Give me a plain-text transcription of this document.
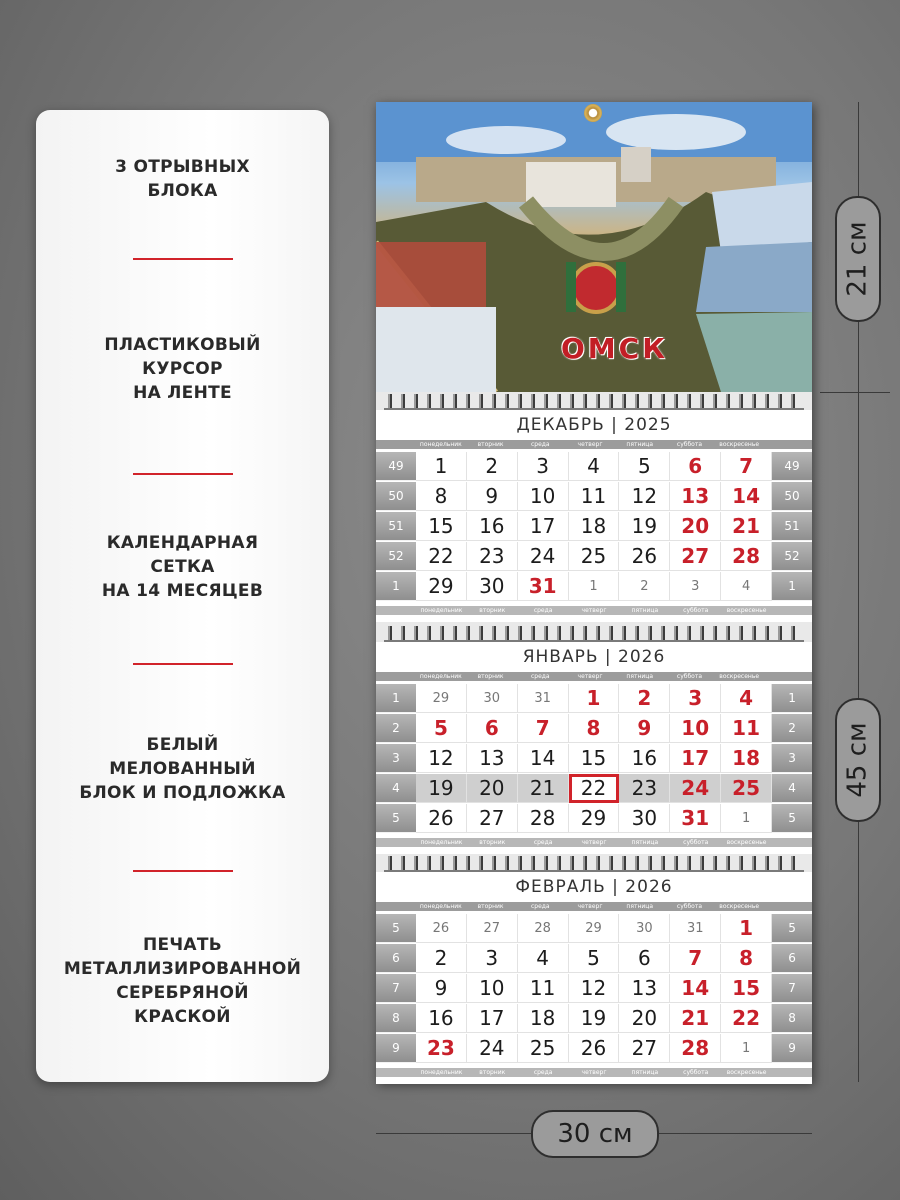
3 ОТРЫВНЫХ
БЛОКА
ПЛАСТИКОВЫЙ
КУРСОР
НА ЛЕНТЕ
КАЛЕНДАРНАЯ
СЕТКА
НА 14 МЕСЯЦЕВ
БЕЛЫЙ
МЕЛОВАННЫЙ
БЛОК И ПОДЛОЖКА
ПЕЧАТЬ
МЕТАЛЛИЗИРОВАННОЙ
СЕРЕБРЯНОЙ
КРАСКОЙ
21 см
45 см
30 см
ОМСК
ДЕКАБРЬ | 2025
понедельник	вторник	среда	четверг	пятница	суббота	воскресенье
49	1	2	3	4	5	6	7	49
50	8	9	10	11	12	13	14	50
51	15	16	17	18	19	20	21	51
52	22	23	24	25	26	27	28	52
1	29	30	31	1	2	3	4	1
понедельник	вторник	среда	четверг	пятница	суббота	воскресенье
ЯНВАРЬ | 2026
понедельник	вторник	среда	четверг	пятница	суббота	воскресенье
1	29	30	31	1	2	3	4	1
2	5	6	7	8	9	10	11	2
3	12	13	14	15	16	17	18	3
4	19	20	21	22	23	24	25	4
5	26	27	28	29	30	31	1	5
понедельник	вторник	среда	четверг	пятница	суббота	воскресенье
ФЕВРАЛЬ | 2026
понедельник	вторник	среда	четверг	пятница	суббота	воскресенье
5	26	27	28	29	30	31	1	5
6	2	3	4	5	6	7	8	6
7	9	10	11	12	13	14	15	7
8	16	17	18	19	20	21	22	8
9	23	24	25	26	27	28	1	9
понедельник	вторник	среда	четверг	пятница	суббота	воскресенье
